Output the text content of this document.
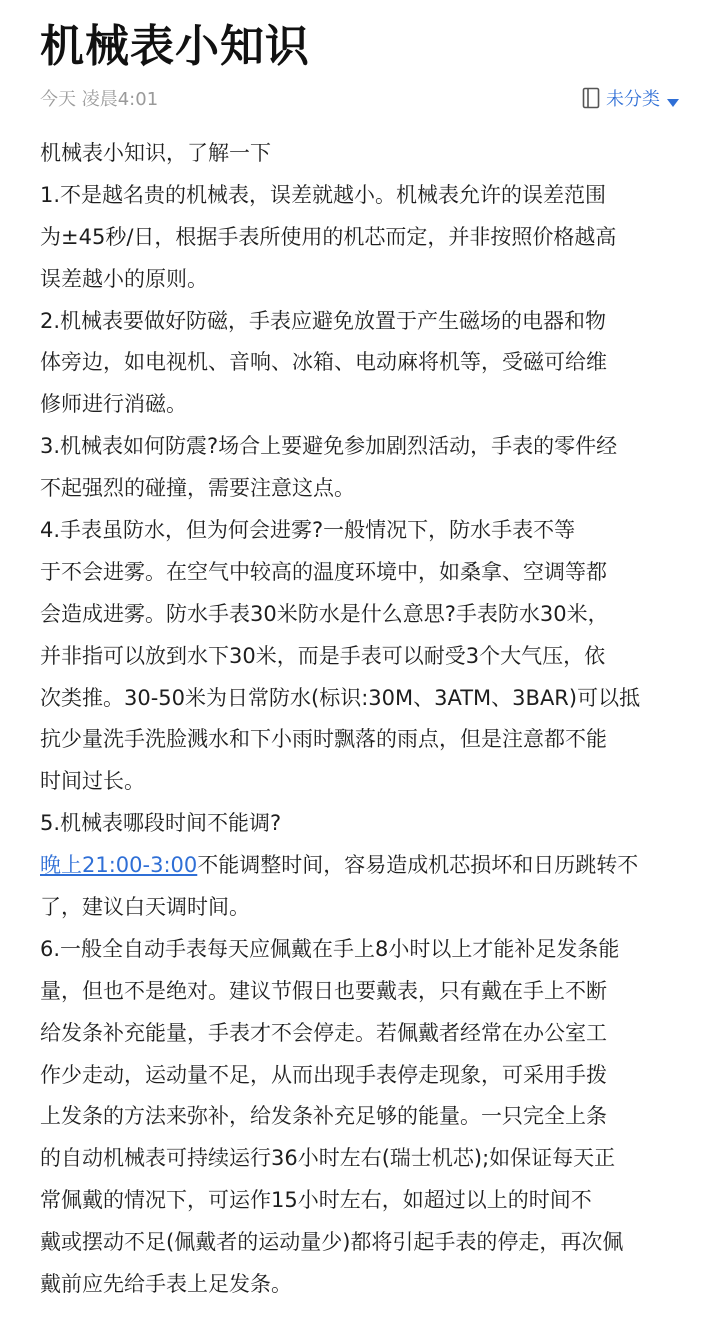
机械表小知识
今天 凌晨4:01	未分类
机械表小知识，了解一下
1.不是越名贵的机械表，误差就越小。机械表允许的误差范围
为±45秒/日，根据手表所使用的机芯而定，并非按照价格越高
误差越小的原则。
2.机械表要做好防磁，手表应避免放置于产生磁场的电器和物
体旁边，如电视机、音响、冰箱、电动麻将机等，受磁可给维
修师进行消磁。
3.机械表如何防震?场合上要避免参加剧烈活动，手表的零件经
不起强烈的碰撞，需要注意这点。
4.手表虽防水，但为何会进雾?一般情况下，防水手表不等
于不会进雾。在空气中较高的温度环境中，如桑拿、空调等都
会造成进雾。防水手表30米防水是什么意思?手表防水30米，
并非指可以放到水下30米，而是手表可以耐受3个大气压，依
次类推。30-50米为日常防水(标识:30M、3ATM、3BAR)可以抵
抗少量洗手洗脸溅水和下小雨时飘落的雨点，但是注意都不能
时间过长。
5.机械表哪段时间不能调?
晚上21:00-3:00不能调整时间，容易造成机芯损坏和日历跳转不
了，建议白天调时间。
6.一般全自动手表每天应佩戴在手上8小时以上才能补足发条能
量，但也不是绝对。建议节假日也要戴表，只有戴在手上不断
给发条补充能量，手表才不会停走。若佩戴者经常在办公室工
作少走动，运动量不足，从而出现手表停走现象，可采用手拨
上发条的方法来弥补，给发条补充足够的能量。一只完全上条
的自动机械表可持续运行36小时左右(瑞士机芯);如保证每天正
常佩戴的情况下，可运作15小时左右，如超过以上的时间不
戴或摆动不足(佩戴者的运动量少)都将引起手表的停走，再次佩
戴前应先给手表上足发条。
